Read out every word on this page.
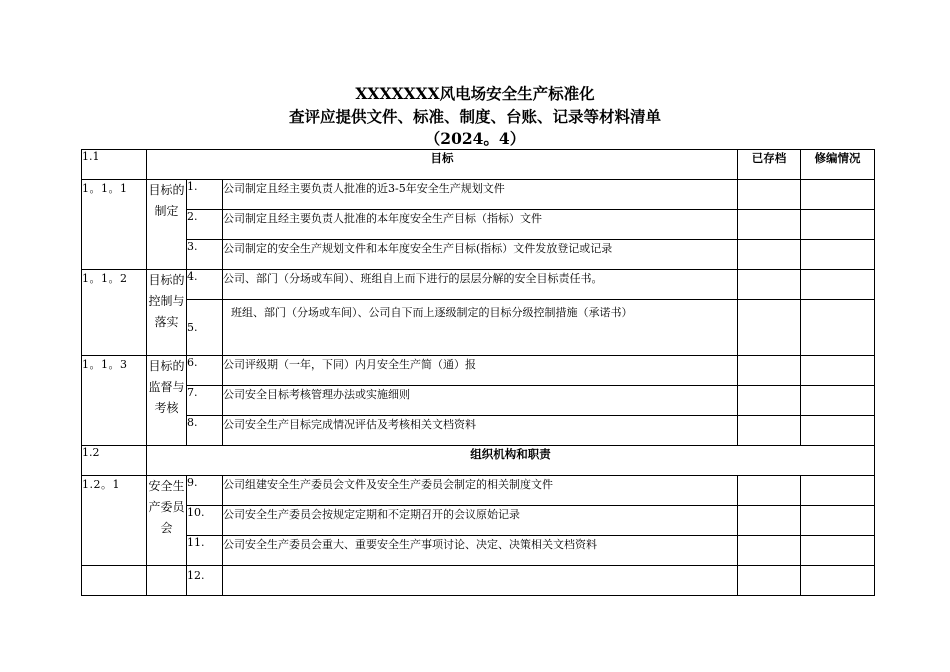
XXXXXXX风电场安全生产标准化
查评应提供文件、标准、制度、台账、记录等材料清单
（2024。4）
1.1	目标			已存档	修编情况
1。1。1	目标的制定	1.	公司制定且经主要负责人批准的近3-5年安全生产规划文件		
		2.	公司制定且经主要负责人批准的本年度安全生产目标（指标）文件		
		3.	公司制定的安全生产规划文件和本年度安全生产目标(指标）文件发放登记或记录		
1。1。2	目标的控制与落实	4.	公司、部门（分场或车间）、班组自上而下进行的层层分解的安全目标责任书。		
		5.	班组、部门（分场或车间）、公司自下而上逐级制定的目标分级控制措施（承诺书）		
1。1。3	目标的监督与考核	6.	公司评级期（一年，下同）内月安全生产简（通）报		
		7.	公司安全目标考核管理办法或实施细则		
		8.	公司安全生产目标完成情况评估及考核相关文档资料		
1.2	组织机构和职责				
1.2。1	安全生产委员会	9.	公司组建安全生产委员会文件及安全生产委员会制定的相关制度文件		
		10.	公司安全生产委员会按规定定期和不定期召开的会议原始记录		
		11.	公司安全生产委员会重大、重要安全生产事项讨论、决定、决策相关文档资料		
		12.			
